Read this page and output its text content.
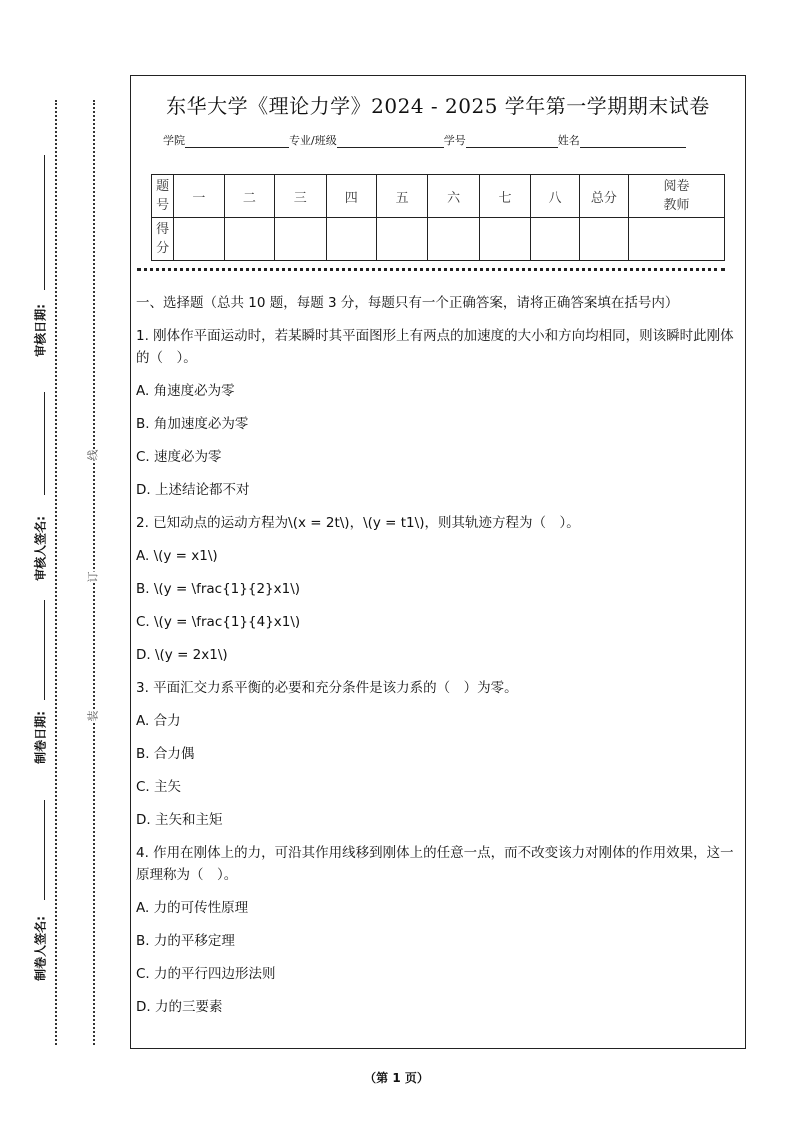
审核日期:
审核人签名:
制卷日期:
制卷人签名:
线
订
装
东华大学《理论力学》2024 - 2025 学年第一学期期末试卷
学院	专业/班级	学号	姓名
题号	一	二	三	四	五	六	七	八	总分	阅卷教师
得分										

一、选择题（总共 10 题，每题 3 分，每题只有一个正确答案，请将正确答案填在括号内）

1. 刚体作平面运动时，若某瞬时其平面图形上有两点的加速度的大小和方向均相同，则该瞬时此刚体的（　）。

A. 角速度必为零

B. 角加速度必为零

C. 速度必为零

D. 上述结论都不对

2. 已知动点的运动方程为\(x = 2t\)，\(y = t1\)，则其轨迹方程为（　）。

A. \(y = x1\)

B. \(y = \frac{1}{2}x1\)

C. \(y = \frac{1}{4}x1\)

D. \(y = 2x1\)

3. 平面汇交力系平衡的必要和充分条件是该力系的（　）为零。

A. 合力

B. 合力偶

C. 主矢

D. 主矢和主矩

4. 作用在刚体上的力，可沿其作用线移到刚体上的任意一点，而不改变该力对刚体的作用效果，这一原理称为（　）。

A. 力的可传性原理

B. 力的平移定理

C. 力的平行四边形法则

D. 力的三要素

（第 1 页）
